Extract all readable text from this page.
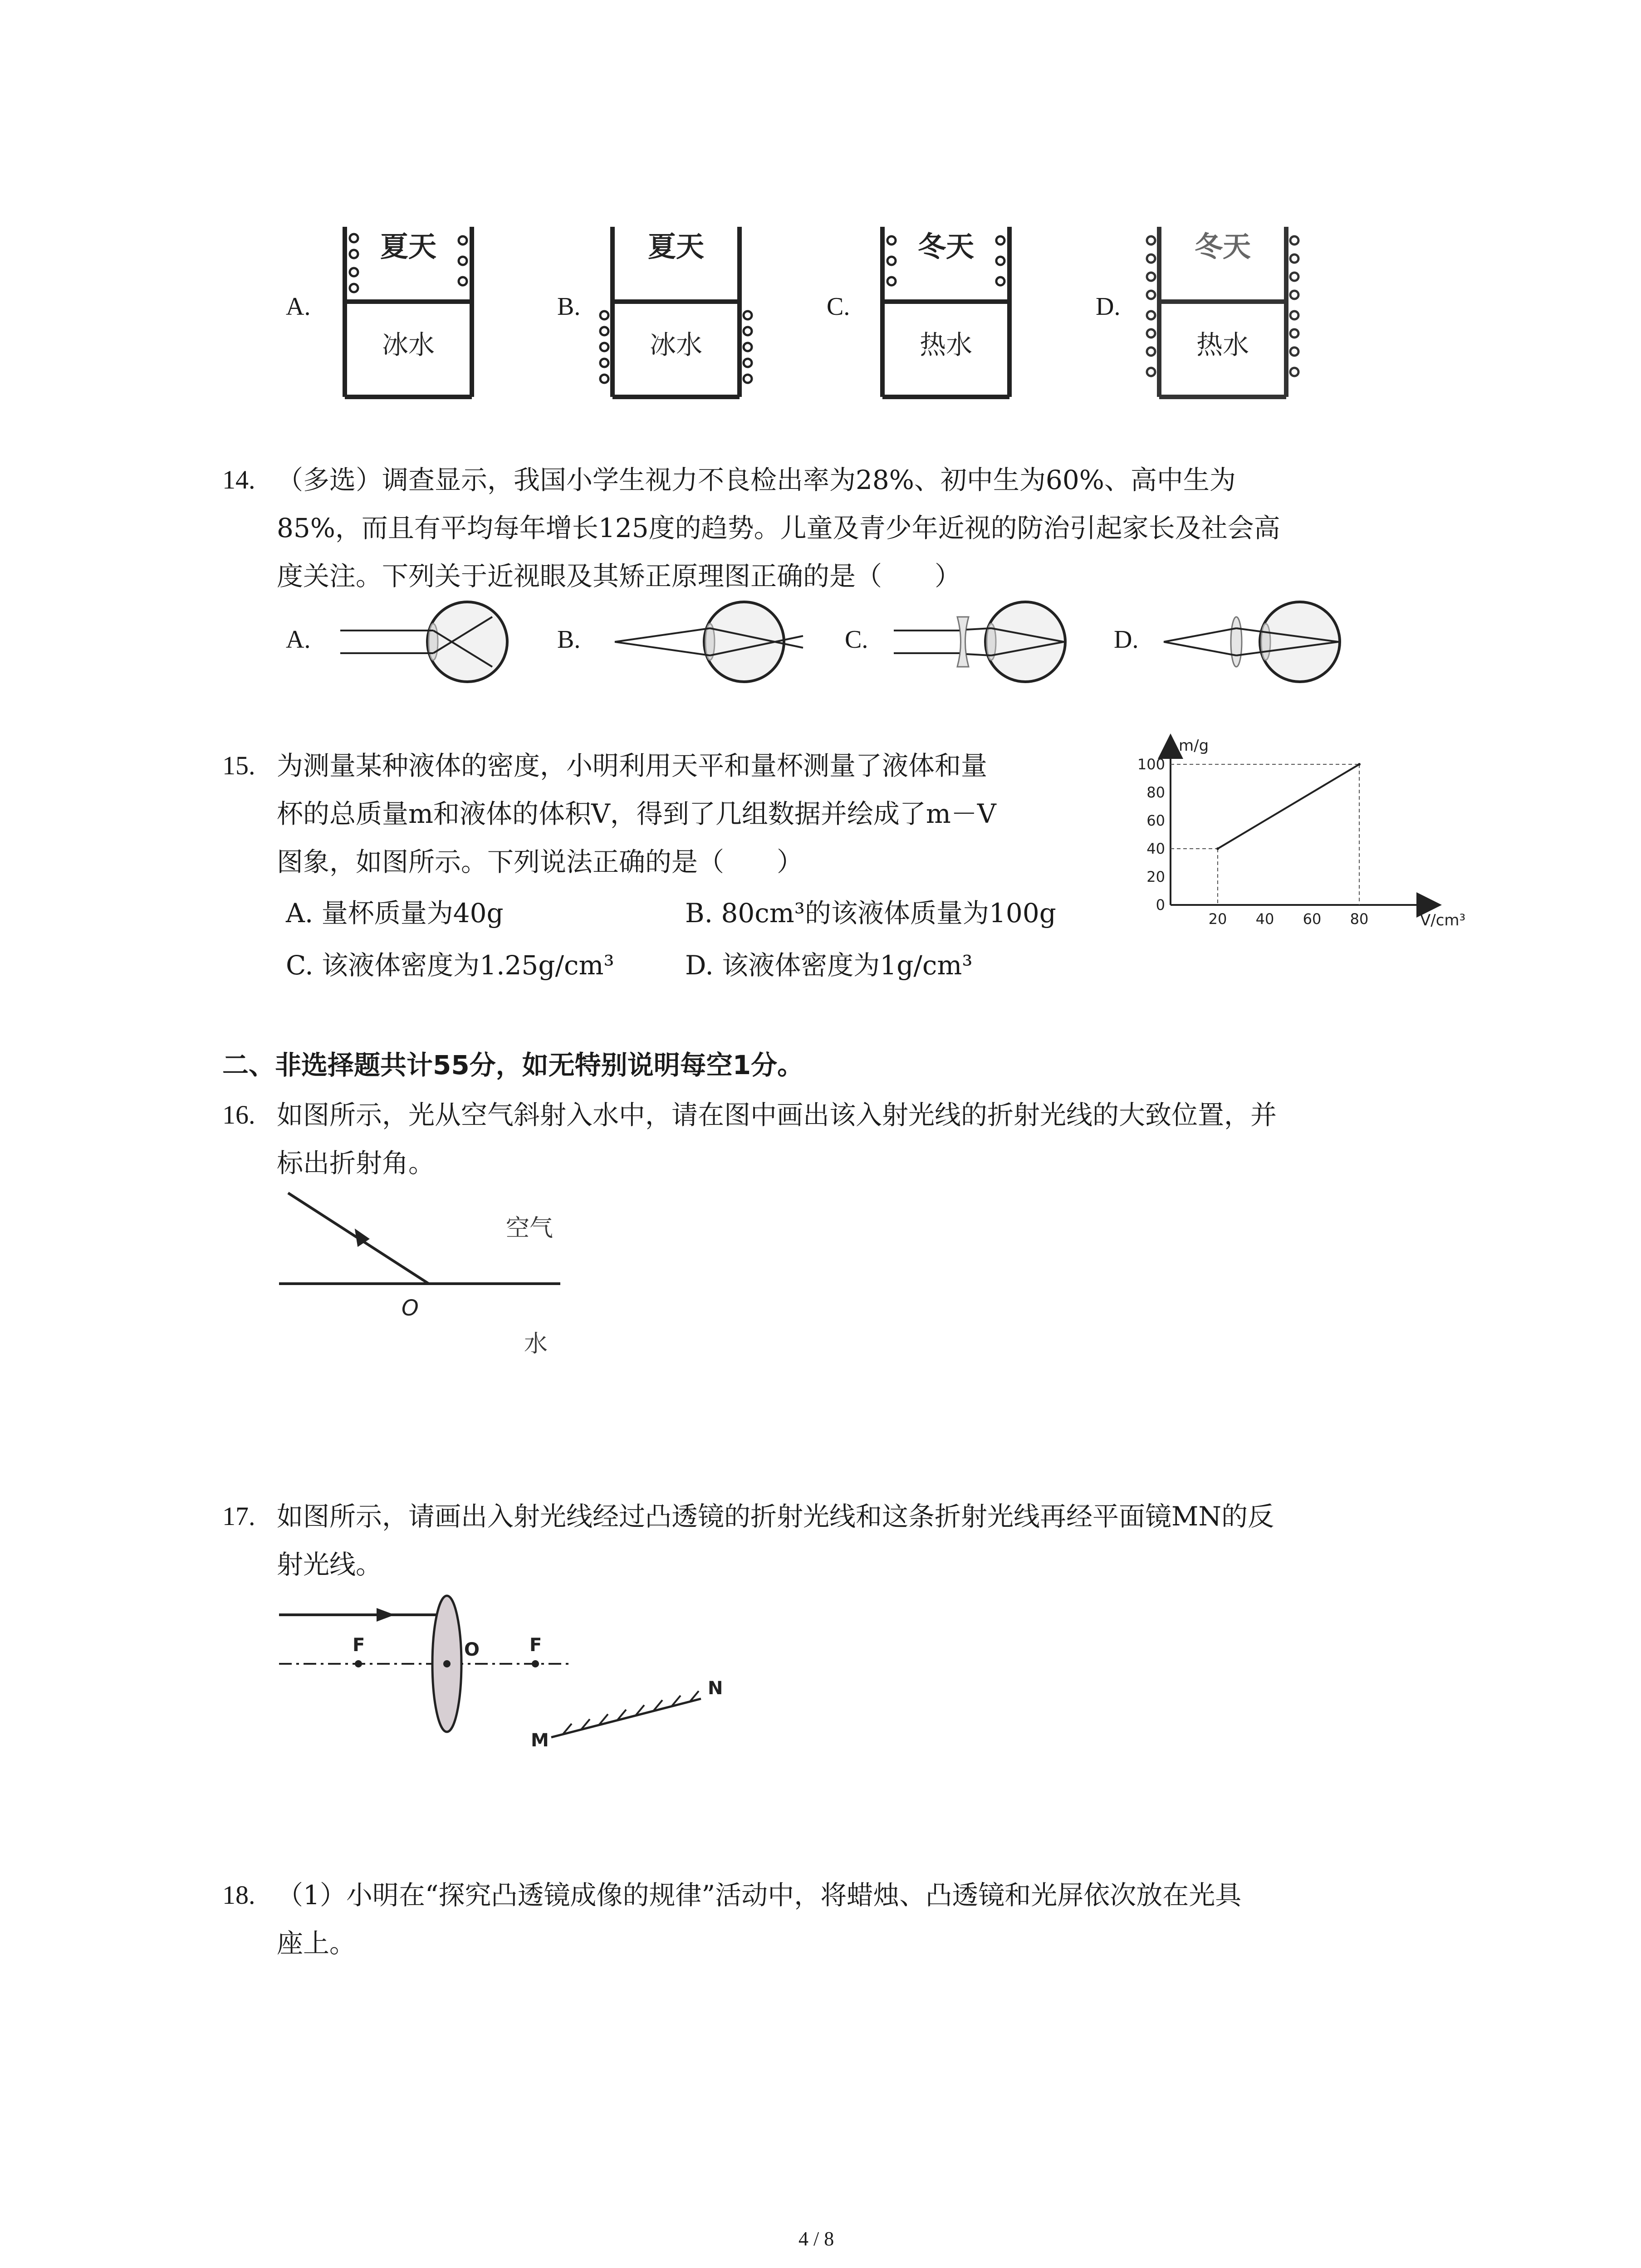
A.	B.	C.	D.
夏天
冰水
夏天
冰水
冬天
热水
冬天
热水
14. （多选）调查显示，我国小学生视力不良检出率为28%、初中生为60%、高中生为
85%，而且有平均每年增长125度的趋势。儿童及青少年近视的防治引起家长及社会高
度关注。下列关于近视眼及其矫正原理图正确的是（　　）
A.	B.	C.	D.
15. 为测量某种液体的密度，小明利用天平和量杯测量了液体和量
杯的总质量m和液体的体积V，得到了几组数据并绘成了m－V
图象，如图所示。下列说法正确的是（　　）
A. 量杯质量为40g	B. 80cm³的该液体质量为100g
C. 该液体密度为1.25g/cm³	D. 该液体密度为1g/cm³
m/g
V/cm³
0
20
40
60
80
100
20 40 60 80
二、非选择题共计55分，如无特别说明每空1分。
16. 如图所示，光从空气斜射入水中，请在图中画出该入射光线的折射光线的大致位置，并
标出折射角。
O
空气
水
17. 如图所示，请画出入射光线经过凸透镜的折射光线和这条折射光线再经平面镜MN的反
射光线。
F	O	F
M
N
18. （1）小明在“探究凸透镜成像的规律”活动中，将蜡烛、凸透镜和光屏依次放在光具
座上。
4 / 8
